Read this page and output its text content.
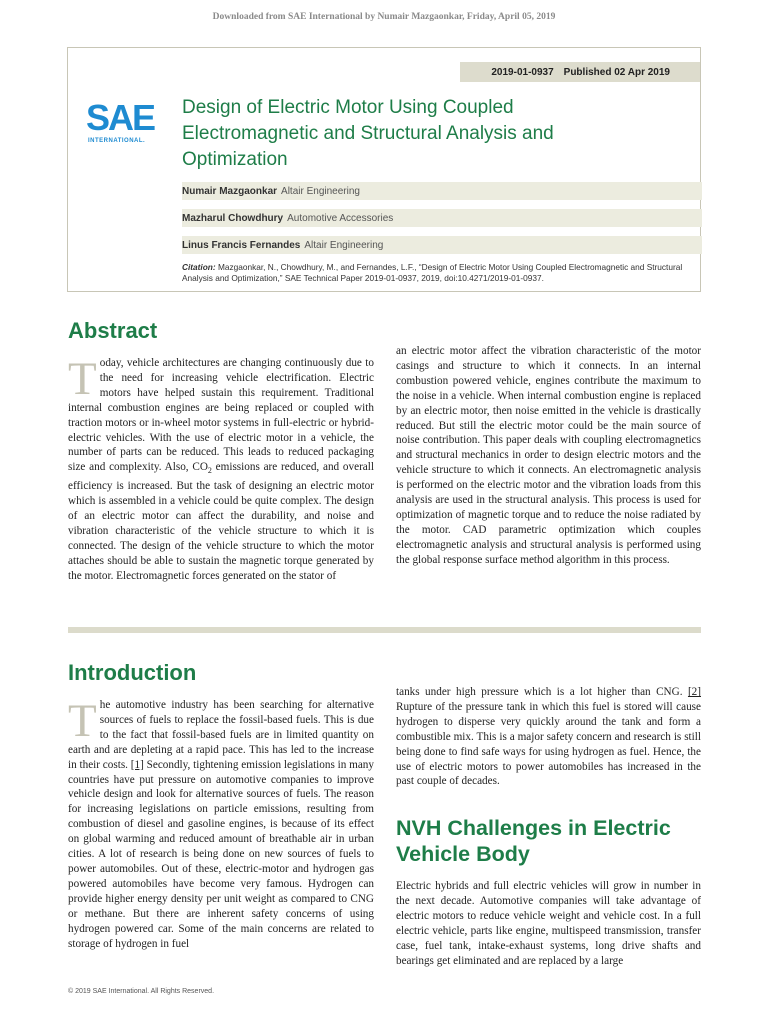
Downloaded from SAE International by Numair Mazgaonkar, Friday, April 05, 2019
2019-01-0937 Published 02 Apr 2019
SAE
INTERNATIONAL.
Design of Electric Motor Using Coupled Electromagnetic and Structural Analysis and Optimization
Numair Mazgaonkar Altair Engineering
Mazharul Chowdhury Automotive Accessories
Linus Francis Fernandes Altair Engineering
Citation: Mazgaonkar, N., Chowdhury, M., and Fernandes, L.F., “Design of Electric Motor Using Coupled Electromagnetic and Structural Analysis and Optimization,” SAE Technical Paper 2019-01-0937, 2019, doi:10.4271/2019-01-0937.
Abstract

Today, vehicle architectures are changing continuously due to the need for increasing vehicle electrification. Electric motors have helped sustain this requirement. Traditional internal combustion engines are being replaced or coupled with traction motors or in-wheel motor systems in full-electric or hybrid-electric vehicles. With the use of electric motor in a vehicle, the number of parts can be reduced. This leads to reduced packaging size and complexity. Also, $CO_2$ emissions are reduced, and overall efficiency is increased. But the task of designing an electric motor which is assembled in a vehicle could be quite complex. The design of an electric motor can affect the durability, and noise and vibration characteristic of the vehicle structure to which it is connected. The design of the vehicle structure to which the motor attaches should be able to sustain the magnetic torque generated by the motor. Electromagnetic forces generated on the stator of

an electric motor affect the vibration characteristic of the motor casings and structure to which it connects. In an internal combustion powered vehicle, engines contribute the maximum to the noise in a vehicle. When internal combustion engine is replaced by an electric motor, then noise emitted in the vehicle is drastically reduced. But still the electric motor could be the main source of noise contribution. This paper deals with coupling electromagnetics and structural mechanics in order to design electric motors and the vehicle structure to which it connects. An electromagnetic analysis is performed on the electric motor and the vibration loads from this analysis are used in the structural analysis. This process is used for optimization of magnetic torque and to reduce the noise radiated by the motor. CAD parametric optimization which couples electromagnetic analysis and structural analysis is performed using the global response surface method algorithm in this process.

Introduction

The automotive industry has been searching for alternative sources of fuels to replace the fossil-based fuels. This is due to the fact that fossil-based fuels are in limited quantity on earth and are depleting at a rapid pace. This has led to the increase in their costs. [1] Secondly, tightening emission legislations in many countries have put pressure on automotive companies to improve vehicle design and look for alternative sources of fuels. The reason for increasing legislations on particle emissions, resulting from combustion of diesel and gasoline engines, is because of its effect on global warming and reduced amount of breathable air in urban cities. A lot of research is being done on new sources of fuels to power automobiles. Out of these, electric-motor and hydrogen gas powered automobiles have become very famous. Hydrogen can provide higher energy density per unit weight as compared to CNG or methane. But there are inherent safety concerns of using hydrogen powered car. Some of the main concerns are related to storage of hydrogen in fuel

tanks under high pressure which is a lot higher than CNG. [2] Rupture of the pressure tank in which this fuel is stored will cause hydrogen to disperse very quickly around the tank and form a combustible mix. This is a major safety concern and research is still being done to find safe ways for using hydrogen as fuel. Hence, the use of electric motors to power automobiles has increased in the past couple of decades.

NVH Challenges in Electric Vehicle Body

Electric hybrids and full electric vehicles will grow in number in the next decade. Automotive companies will take advantage of electric motors to reduce vehicle weight and vehicle cost. In a full electric vehicle, parts like engine, multispeed transmission, transfer case, fuel tank, intake-exhaust systems, long drive shafts and bearings get eliminated and are replaced by a large

© 2019 SAE International. All Rights Reserved.
